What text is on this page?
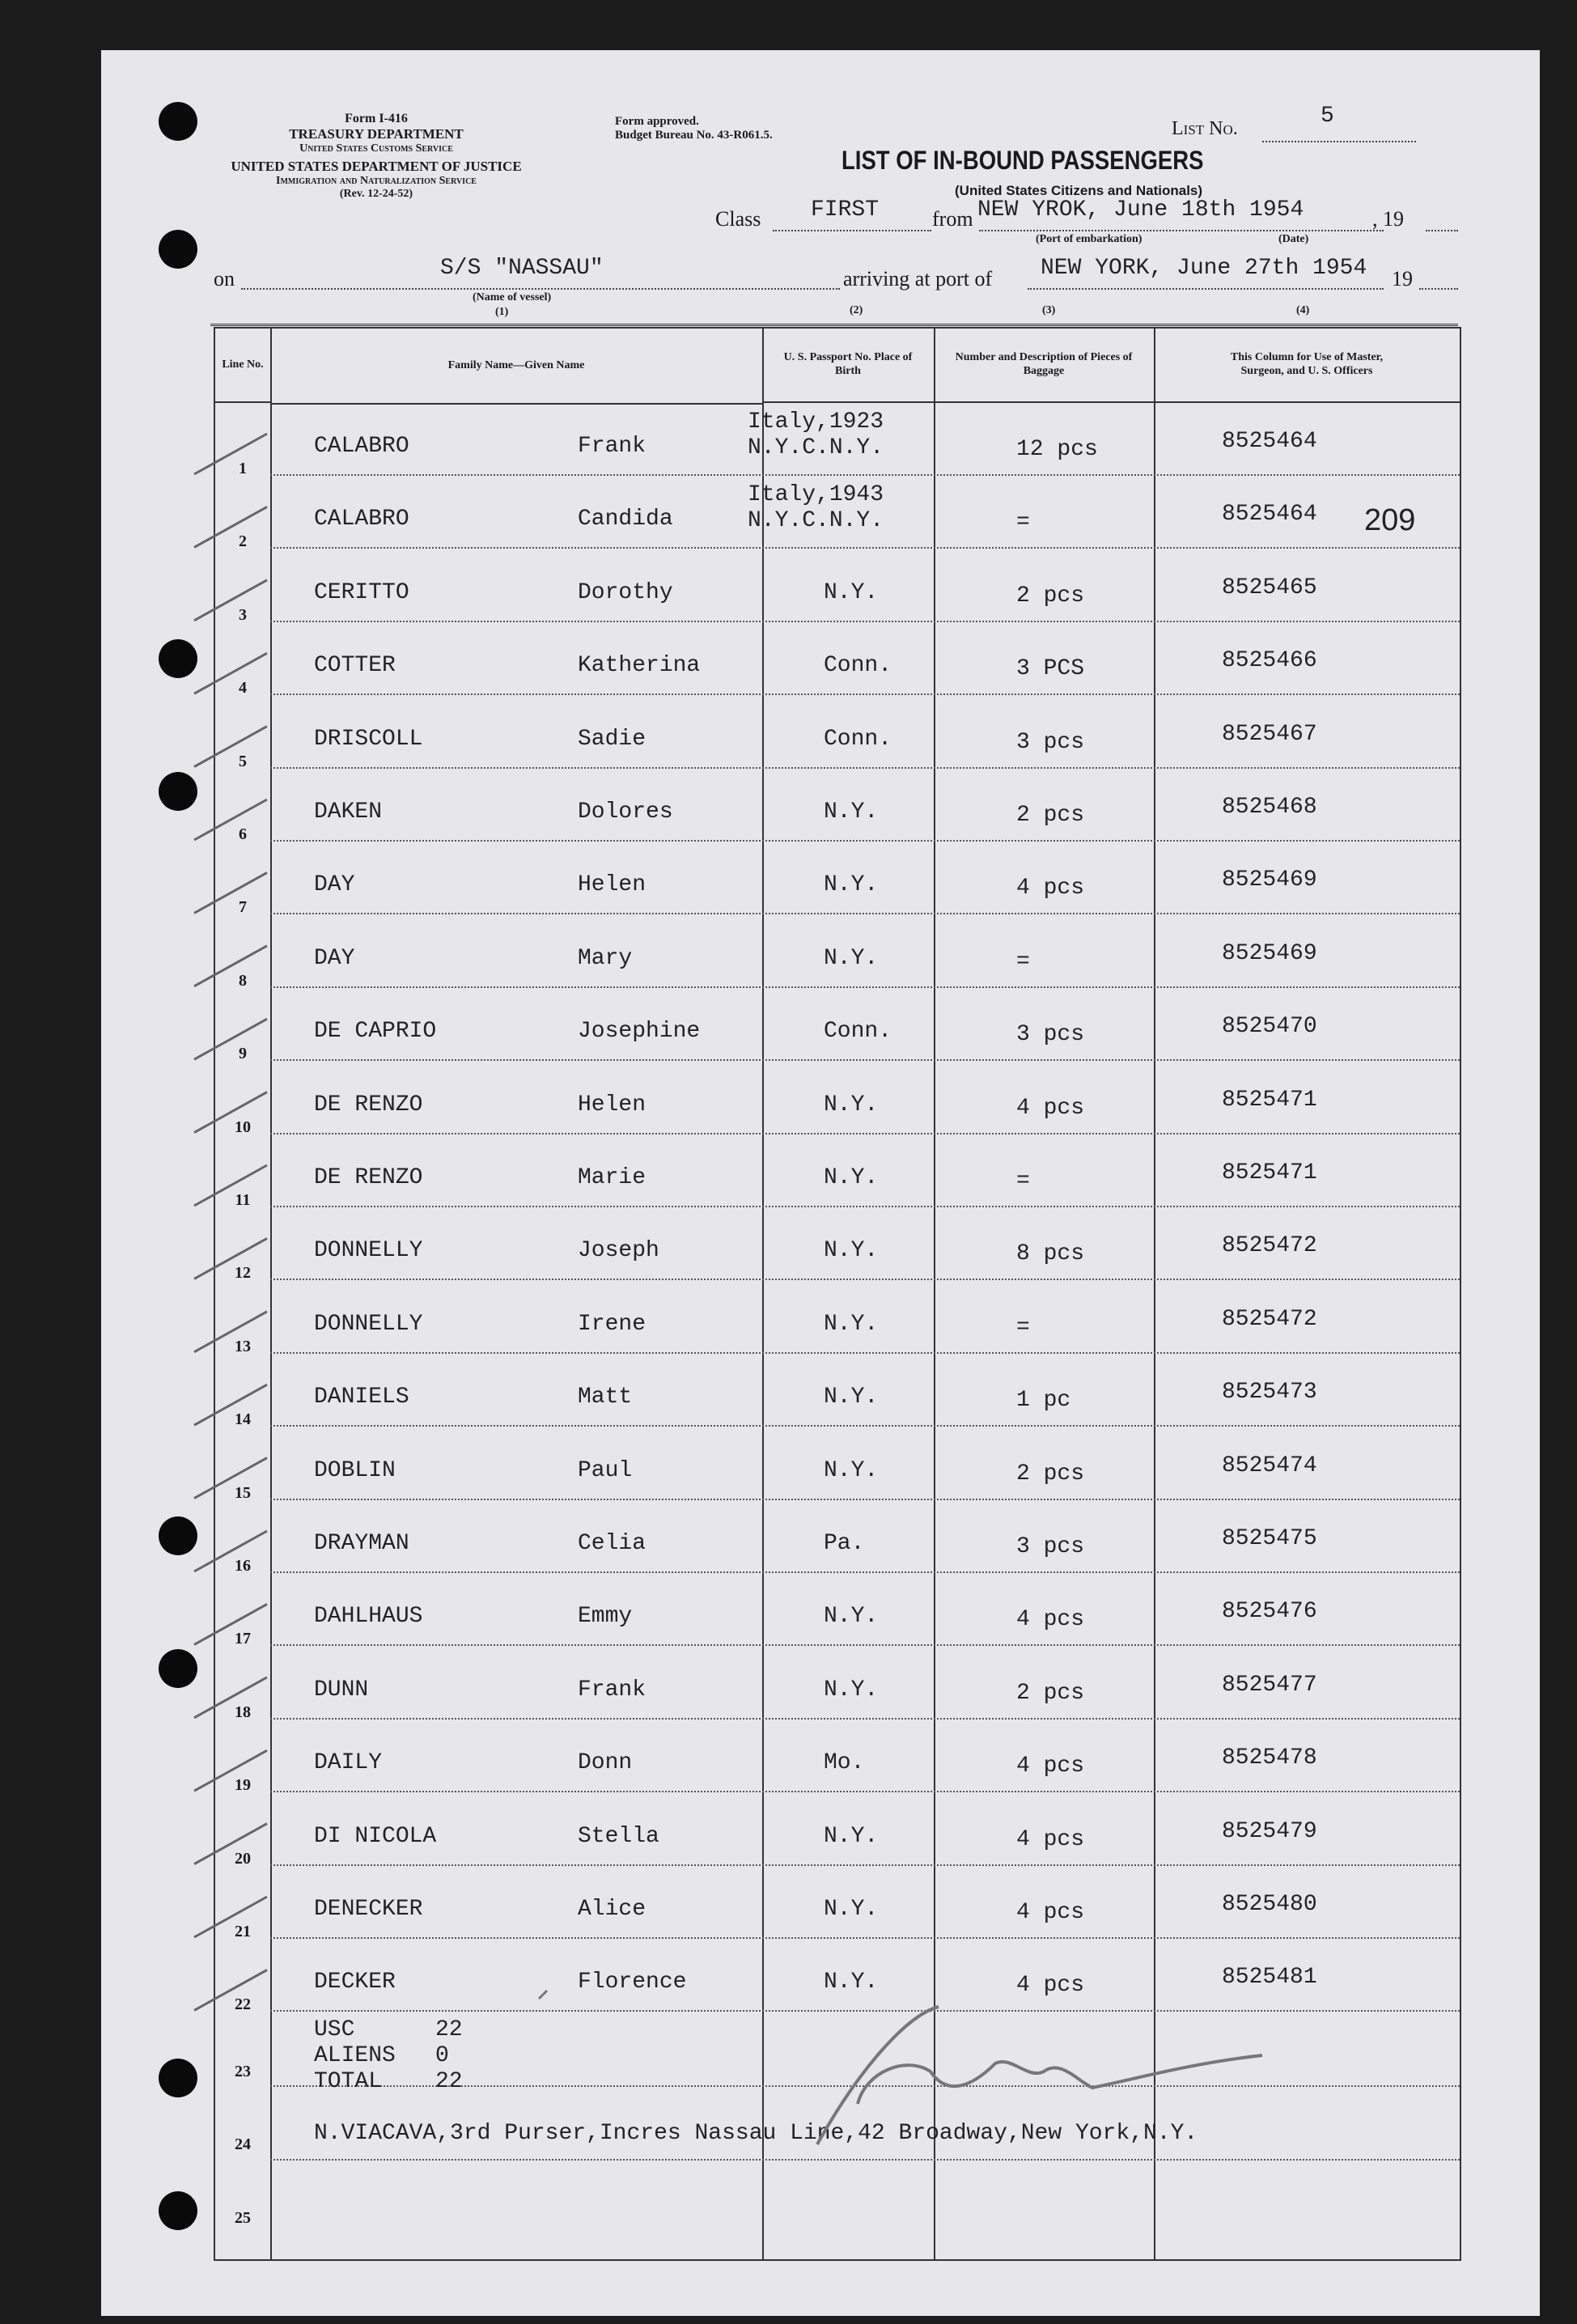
Form I-416
TREASURY DEPARTMENT
United States Customs Service
UNITED STATES DEPARTMENT OF JUSTICE
Immigration and Naturalization Service
(Rev. 12-24-52)
Form approved.
Budget Bureau No. 43-R061.5.	List No.	5
LIST OF IN-BOUND PASSENGERS
(United States Citizens and Nationals)
Class FIRST	from NEW YROK, June 18th 1954	, 19
(Port of embarkation)	(Date)
on	S/S "NASSAU"
(Name of vessel)
(1)	(2)
arriving at port of NEW YORK, June 27th 1954 19
(3)	(4)
Line No.	Family Name—Given Name
U. S. Passport No. Place of Birth
Number and Description of Pieces of Baggage
This Column for Use of Master, Surgeon, and U. S. Officers
1
CALABRO	Frank
Italy,1923
N.Y.C.N.Y.	12 pcs	8525464
2
CALABRO	Candida
Italy,1943
N.Y.C.N.Y.	=	8525464
3
CERITTO	Dorothy	N.Y.	2 pcs	8525465
4
COTTER	Katherina	Conn.	3 PCS	8525466
5
DRISCOLL	Sadie	Conn.	3 pcs	8525467
6
DAKEN	Dolores	N.Y.	2 pcs	8525468
7
DAY	Helen	N.Y.	4 pcs	8525469
8
DAY	Mary	N.Y.	=	8525469
9
DE CAPRIO	Josephine	Conn.	3 pcs	8525470
10
DE RENZO	Helen	N.Y.	4 pcs	8525471
11
DE RENZO	Marie	N.Y.	=	8525471
12
DONNELLY	Joseph	N.Y.	8 pcs	8525472
13
DONNELLY	Irene	N.Y.	=	8525472
14
DANIELS	Matt	N.Y.	1 pc	8525473
15
DOBLIN	Paul	N.Y.	2 pcs	8525474
16
DRAYMAN	Celia	Pa.	3 pcs	8525475
17
DAHLHAUS	Emmy	N.Y.	4 pcs	8525476
18
DUNN	Frank	N.Y.	2 pcs	8525477
19
DAILY	Donn	Mo.	4 pcs	8525478
20
DI NICOLA	Stella	N.Y.	4 pcs	8525479
21
DENECKER	Alice	N.Y.	4 pcs	8525480
22
DECKER	Florence	N.Y.	4 pcs	8525481
23
24
25
USC	22
ALIENS 0
TOTAL 22
N.VIACAVA,3rd Purser,Incres Nassau Line,42 Broadway,New York,N.Y.
209
